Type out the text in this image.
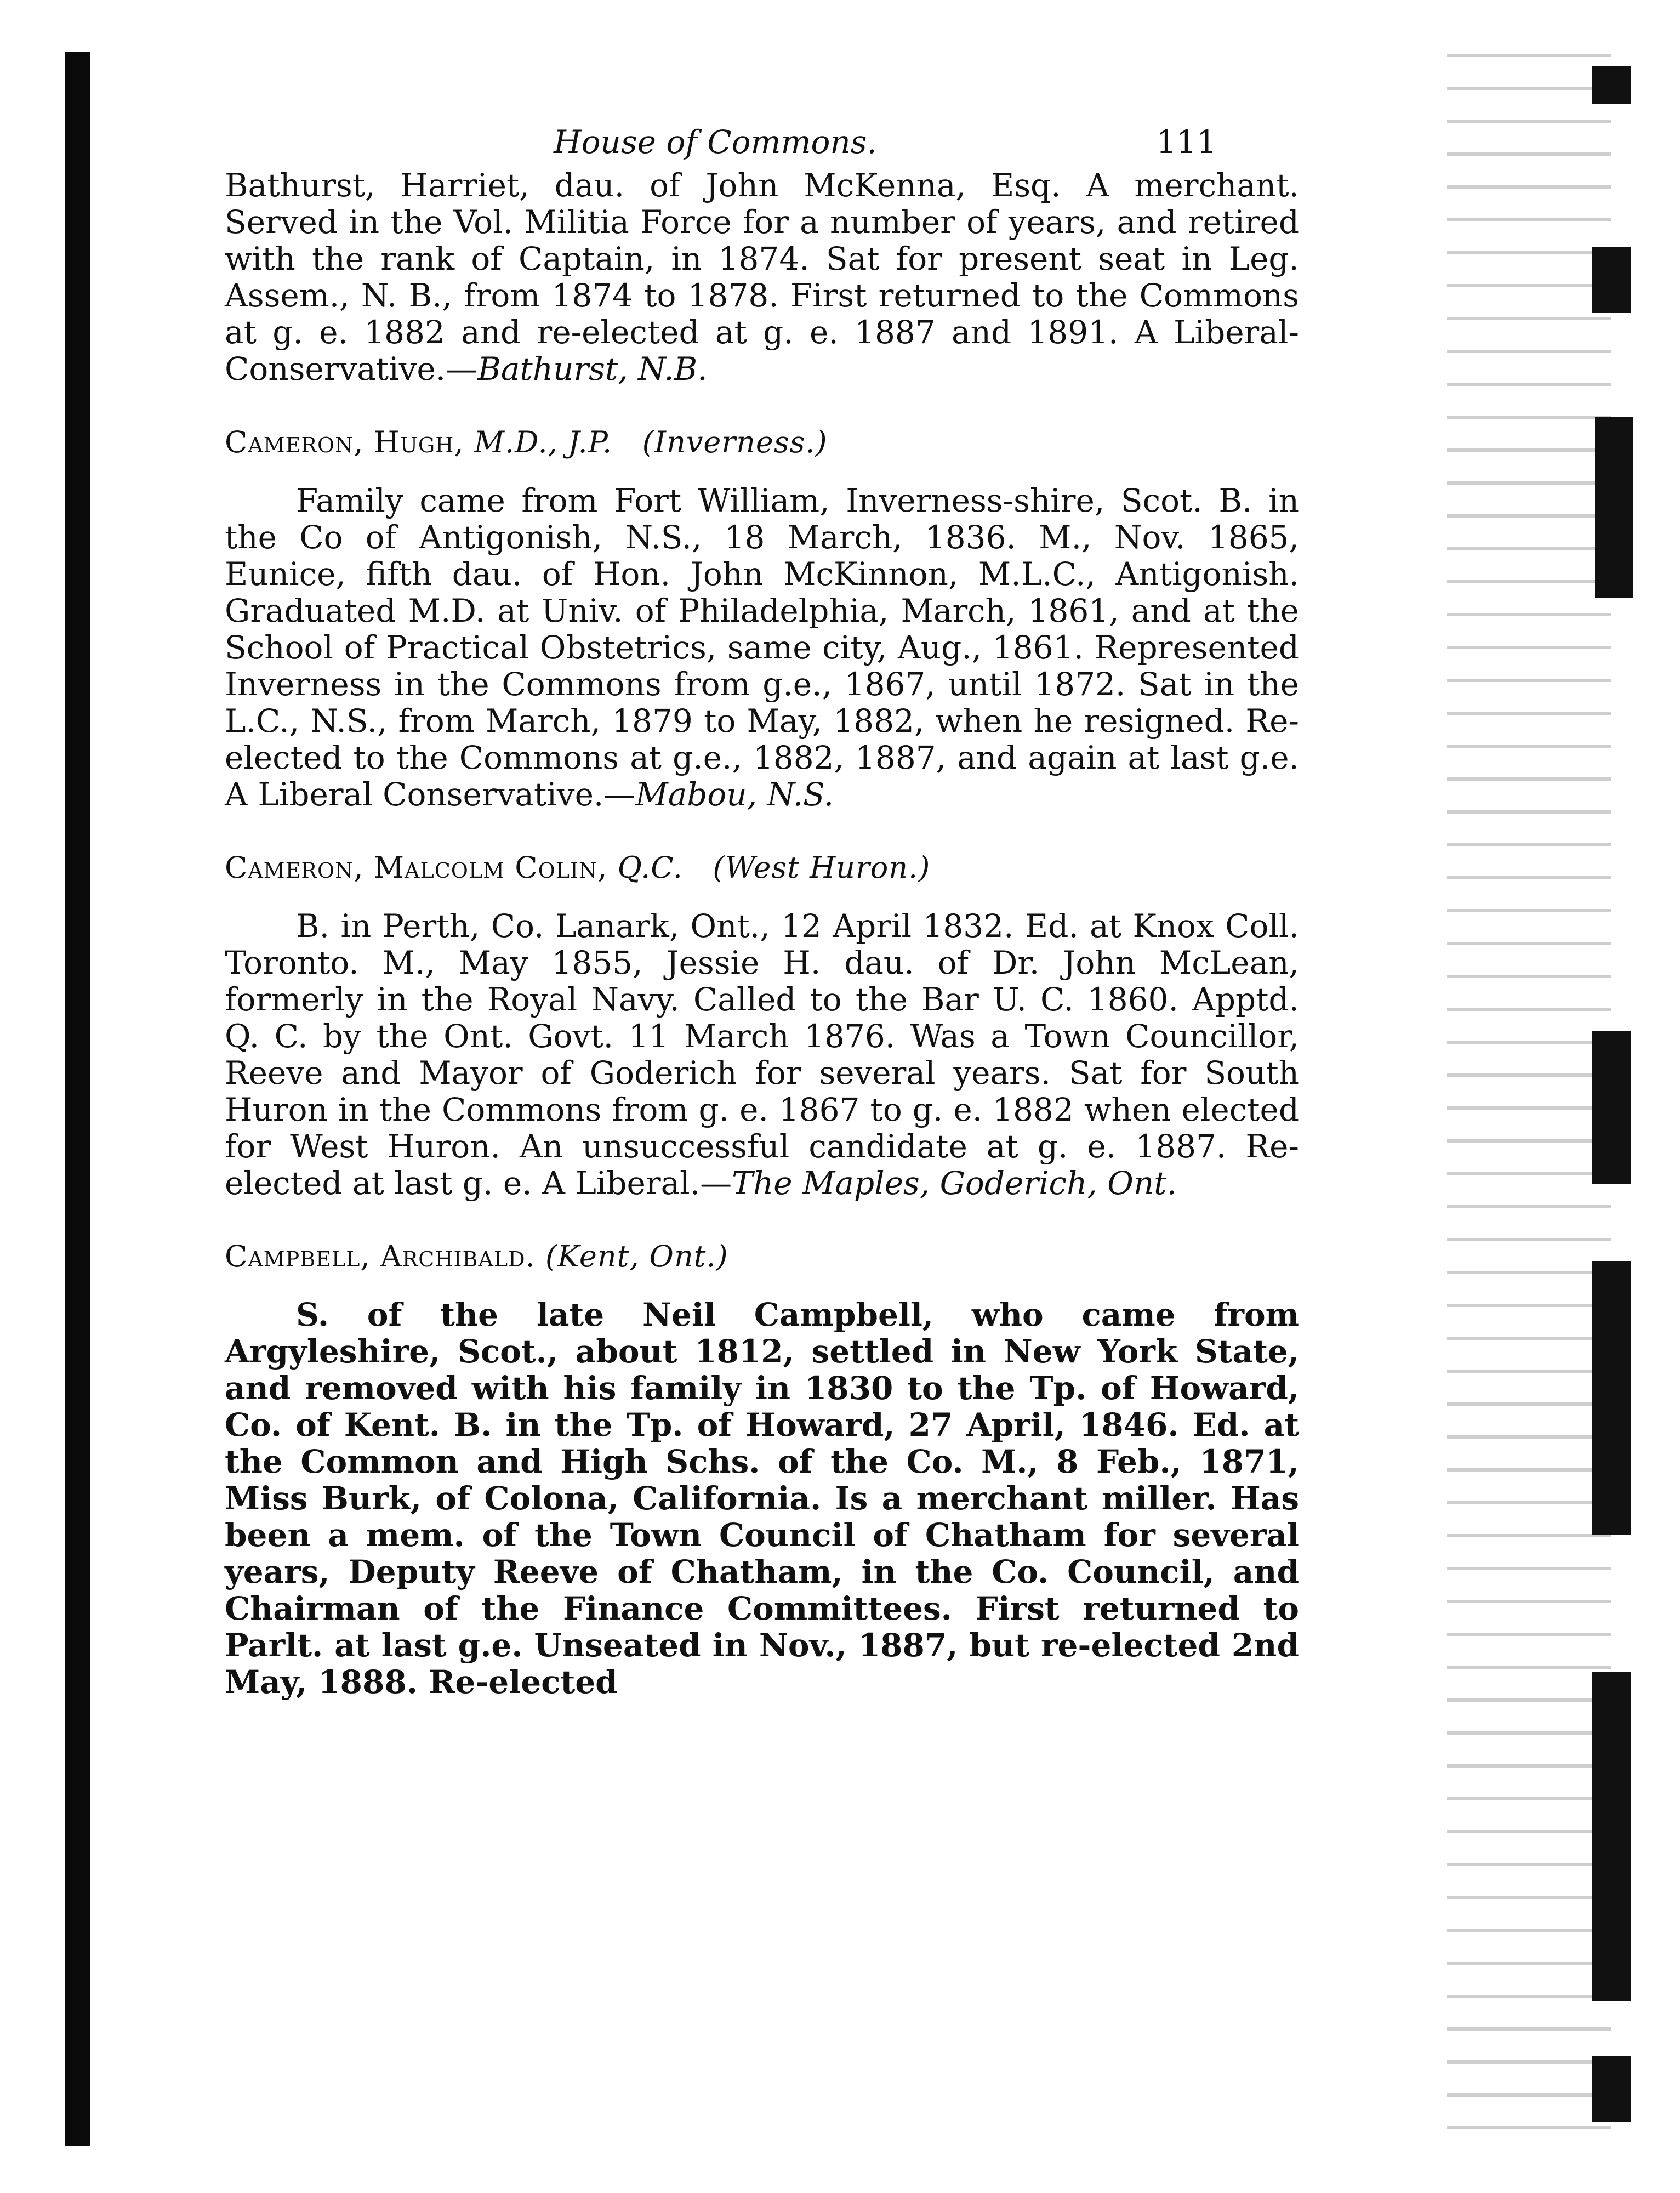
House of Commons.	111

Bathurst, Harriet, dau. of John McKenna, Esq. A merchant. Served in the Vol. Militia Force for a number of years, and retired with the rank of Captain, in 1874. Sat for present seat in Leg. Assem., N. B., from 1874 to 1878. First returned to the Commons at g. e. 1882 and re-elected at g. e. 1887 and 1891. A Liberal-Conservative.—Bathurst, N.B.

Cameron, Hugh, M.D., J.P. (Inverness.)

Family came from Fort William, Inverness-shire, Scot. B. in the Co of Antigonish, N.S., 18 March, 1836. M., Nov. 1865, Eunice, fifth dau. of Hon. John McKinnon, M.L.C., Antigonish. Graduated M.D. at Univ. of Philadelphia, March, 1861, and at the School of Practical Obstetrics, same city, Aug., 1861. Represented Inverness in the Commons from g.e., 1867, until 1872. Sat in the L.C., N.S., from March, 1879 to May, 1882, when he resigned. Re-elected to the Commons at g.e., 1882, 1887, and again at last g.e. A Liberal Conservative.—Mabou, N.S.

Cameron, Malcolm Colin, Q.C. (West Huron.)

B. in Perth, Co. Lanark, Ont., 12 April 1832. Ed. at Knox Coll. Toronto. M., May 1855, Jessie H. dau. of Dr. John McLean, formerly in the Royal Navy. Called to the Bar U. C. 1860. Apptd. Q. C. by the Ont. Govt. 11 March 1876. Was a Town Councillor, Reeve and Mayor of Goderich for several years. Sat for South Huron in the Commons from g. e. 1867 to g. e. 1882 when elected for West Huron. An unsuccessful candidate at g. e. 1887. Re-elected at last g. e. A Liberal.—The Maples, Goderich, Ont.

Campbell, Archibald. (Kent, Ont.)

S. of the late Neil Campbell, who came from Argyleshire, Scot., about 1812, settled in New York State, and removed with his family in 1830 to the Tp. of Howard, Co. of Kent. B. in the Tp. of Howard, 27 April, 1846. Ed. at the Common and High Schs. of the Co. M., 8 Feb., 1871, Miss Burk, of Colona, California. Is a merchant miller. Has been a mem. of the Town Council of Chatham for several years, Deputy Reeve of Chatham, in the Co. Council, and Chairman of the Finance Committees. First returned to Parlt. at last g.e. Unseated in Nov., 1887, but re-elected 2nd May, 1888. Re-elected
